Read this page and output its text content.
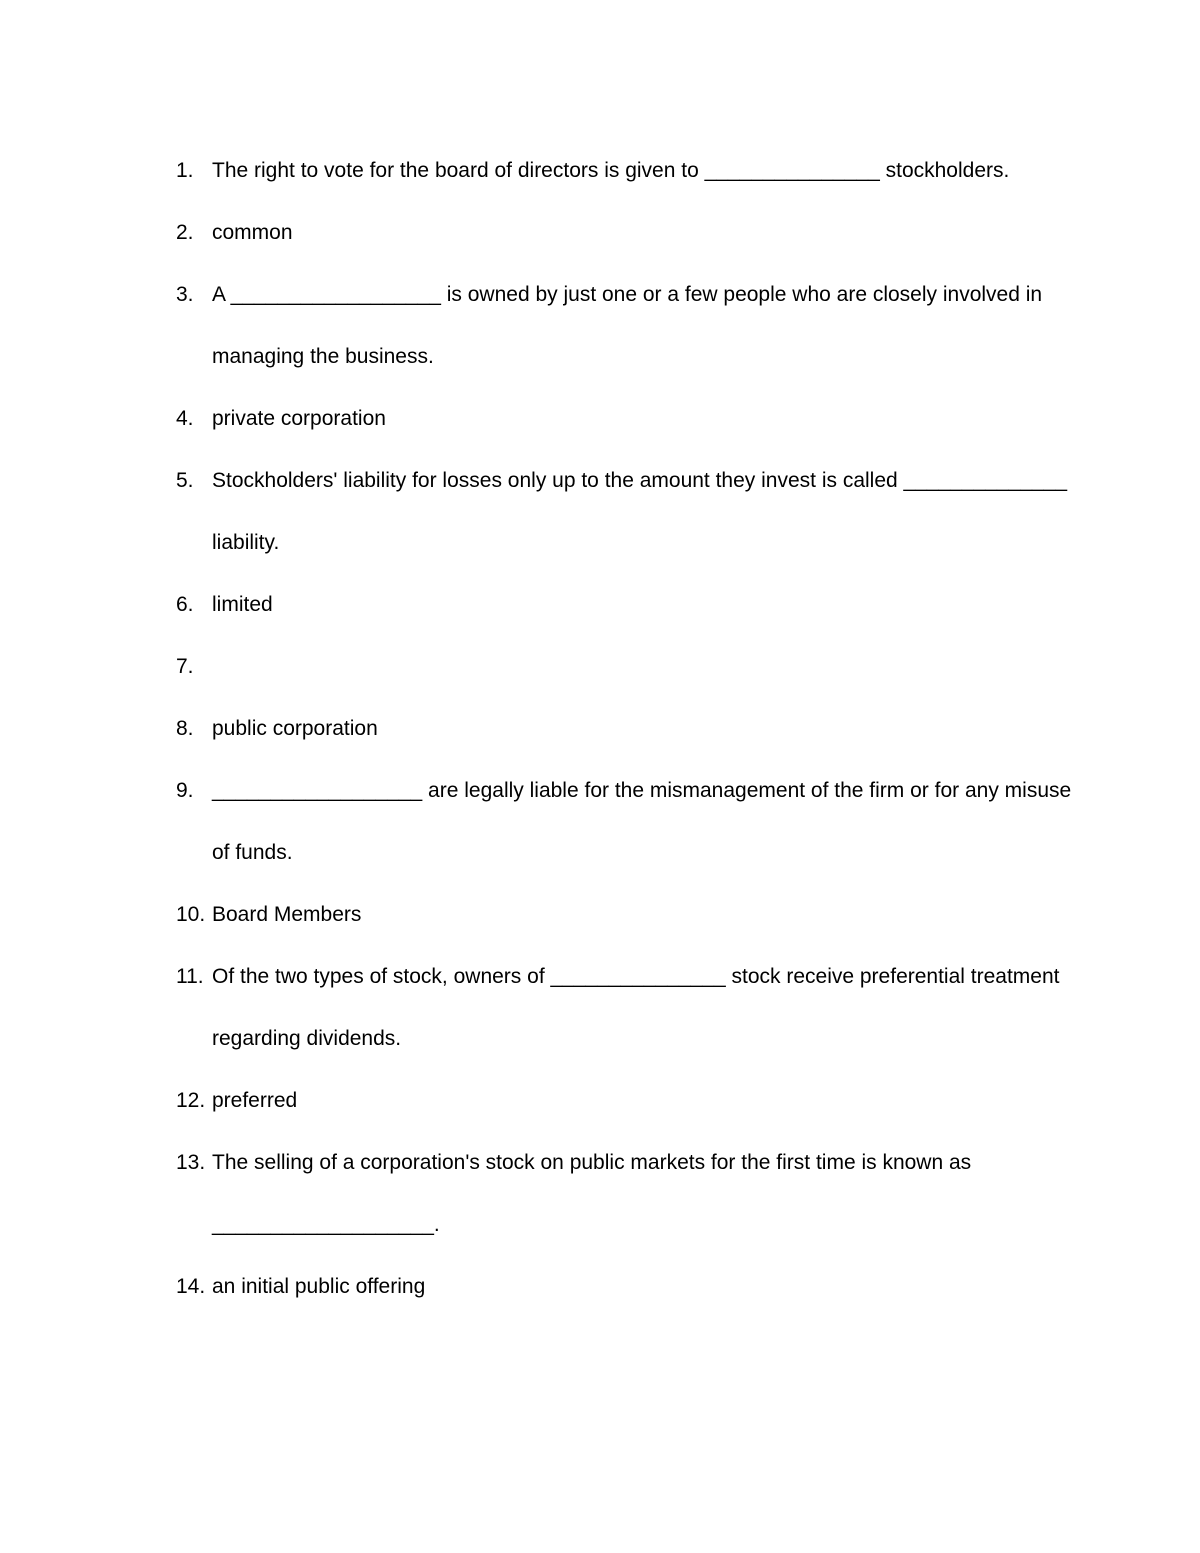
1. The right to vote for the board of directors is given to _______________ stockholders.
2. common
3. A __________________ is owned by just one or a few people who are closely involved in managing the business.
4. private corporation
5. Stockholders' liability for losses only up to the amount they invest is called ______________ liability.
6. limited
7.
8. public corporation
9. __________________ are legally liable for the mismanagement of the firm or for any misuse of funds.
10. Board Members
11. Of the two types of stock, owners of _______________ stock receive preferential treatment regarding dividends.
12. preferred
13. The selling of a corporation's stock on public markets for the first time is known as ___________________.
14. an initial public offering
